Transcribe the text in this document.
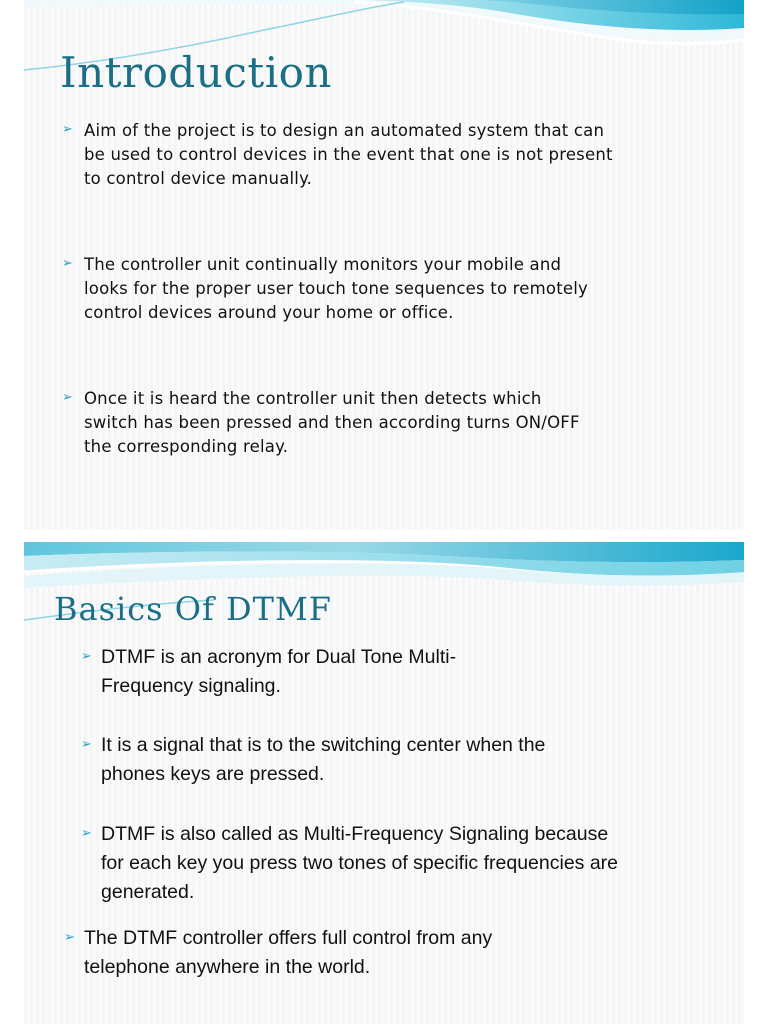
Introduction
➢ Aim of the project is to design an automated system that can
be used to control devices in the event that one is not present
to control device manually.
➢ The controller unit continually monitors your mobile and
looks for the proper user touch tone sequences to remotely
control devices around your home or office.
➢ Once it is heard the controller unit then detects which
switch has been pressed and then according turns ON/OFF
the corresponding relay.
Basics Of DTMF
➢ DTMF is an acronym for Dual Tone Multi-
Frequency signaling.
➢ It is a signal that is to the switching center when the
phones keys are pressed.
➢ DTMF is also called as Multi-Frequency Signaling because
for each key you press two tones of specific frequencies are
generated.
➢ The DTMF controller offers full control from any
telephone anywhere in the world.
